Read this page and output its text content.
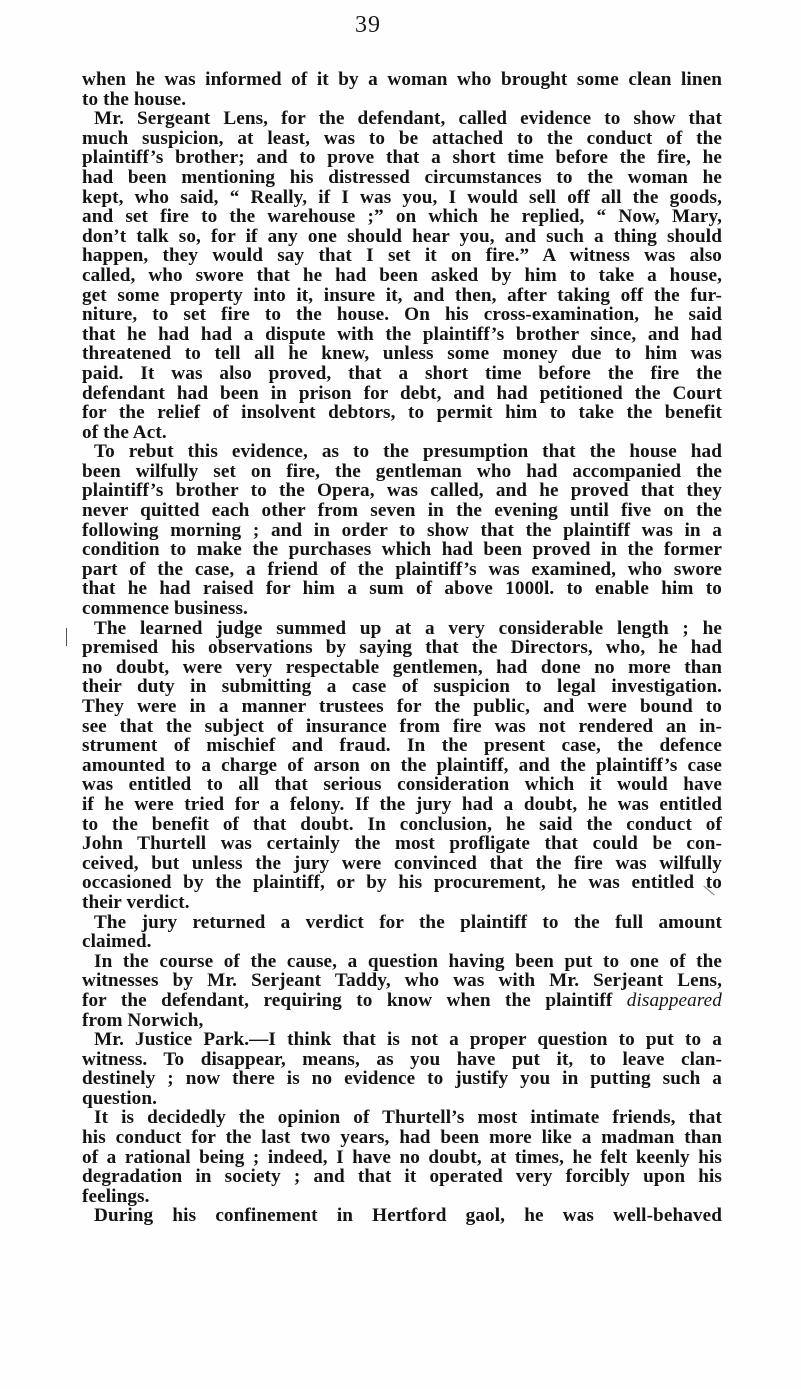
39
when he was informed of it by a woman who brought some clean linen
to the house.
Mr. Sergeant Lens, for the defendant, called evidence to show that
much suspicion, at least, was to be attached to the conduct of the
plaintiff’s brother; and to prove that a short time before the fire, he
had been mentioning his distressed circumstances to the woman he
kept, who said, “ Really, if I was you, I would sell off all the goods,
and set fire to the warehouse ;” on which he replied, “ Now, Mary,
don’t talk so, for if any one should hear you, and such a thing should
happen, they would say that I set it on fire.” A witness was also
called, who swore that he had been asked by him to take a house,
get some property into it, insure it, and then, after taking off the fur-
niture, to set fire to the house. On his cross-examination, he said
that he had had a dispute with the plaintiff’s brother since, and had
threatened to tell all he knew, unless some money due to him was
paid. It was also proved, that a short time before the fire the
defendant had been in prison for debt, and had petitioned the Court
for the relief of insolvent debtors, to permit him to take the benefit
of the Act.
To rebut this evidence, as to the presumption that the house had
been wilfully set on fire, the gentleman who had accompanied the
plaintiff’s brother to the Opera, was called, and he proved that they
never quitted each other from seven in the evening until five on the
following morning ; and in order to show that the plaintiff was in a
condition to make the purchases which had been proved in the former
part of the case, a friend of the plaintiff’s was examined, who swore
that he had raised for him a sum of above 1000l. to enable him to
commence business.
The learned judge summed up at a very considerable length ; he
premised his observations by saying that the Directors, who, he had
no doubt, were very respectable gentlemen, had done no more than
their duty in submitting a case of suspicion to legal investigation.
They were in a manner trustees for the public, and were bound to
see that the subject of insurance from fire was not rendered an in-
strument of mischief and fraud. In the present case, the defence
amounted to a charge of arson on the plaintiff, and the plaintiff’s case
was entitled to all that serious consideration which it would have
if he were tried for a felony. If the jury had a doubt, he was entitled
to the benefit of that doubt. In conclusion, he said the conduct of
John Thurtell was certainly the most profligate that could be con-
ceived, but unless the jury were convinced that the fire was wilfully
occasioned by the plaintiff, or by his procurement, he was entitled to
their verdict.
The jury returned a verdict for the plaintiff to the full amount
claimed.
In the course of the cause, a question having been put to one of the
witnesses by Mr. Serjeant Taddy, who was with Mr. Serjeant Lens,
for the defendant, requiring to know when the plaintiff disappeared
from Norwich,
Mr. Justice Park.—I think that is not a proper question to put to a
witness. To disappear, means, as you have put it, to leave clan-
destinely ; now there is no evidence to justify you in putting such a
question.
It is decidedly the opinion of Thurtell’s most intimate friends, that
his conduct for the last two years, had been more like a madman than
of a rational being ; indeed, I have no doubt, at times, he felt keenly his
degradation in society ; and that it operated very forcibly upon his
feelings.
During his confinement in Hertford gaol, he was well-behaved
